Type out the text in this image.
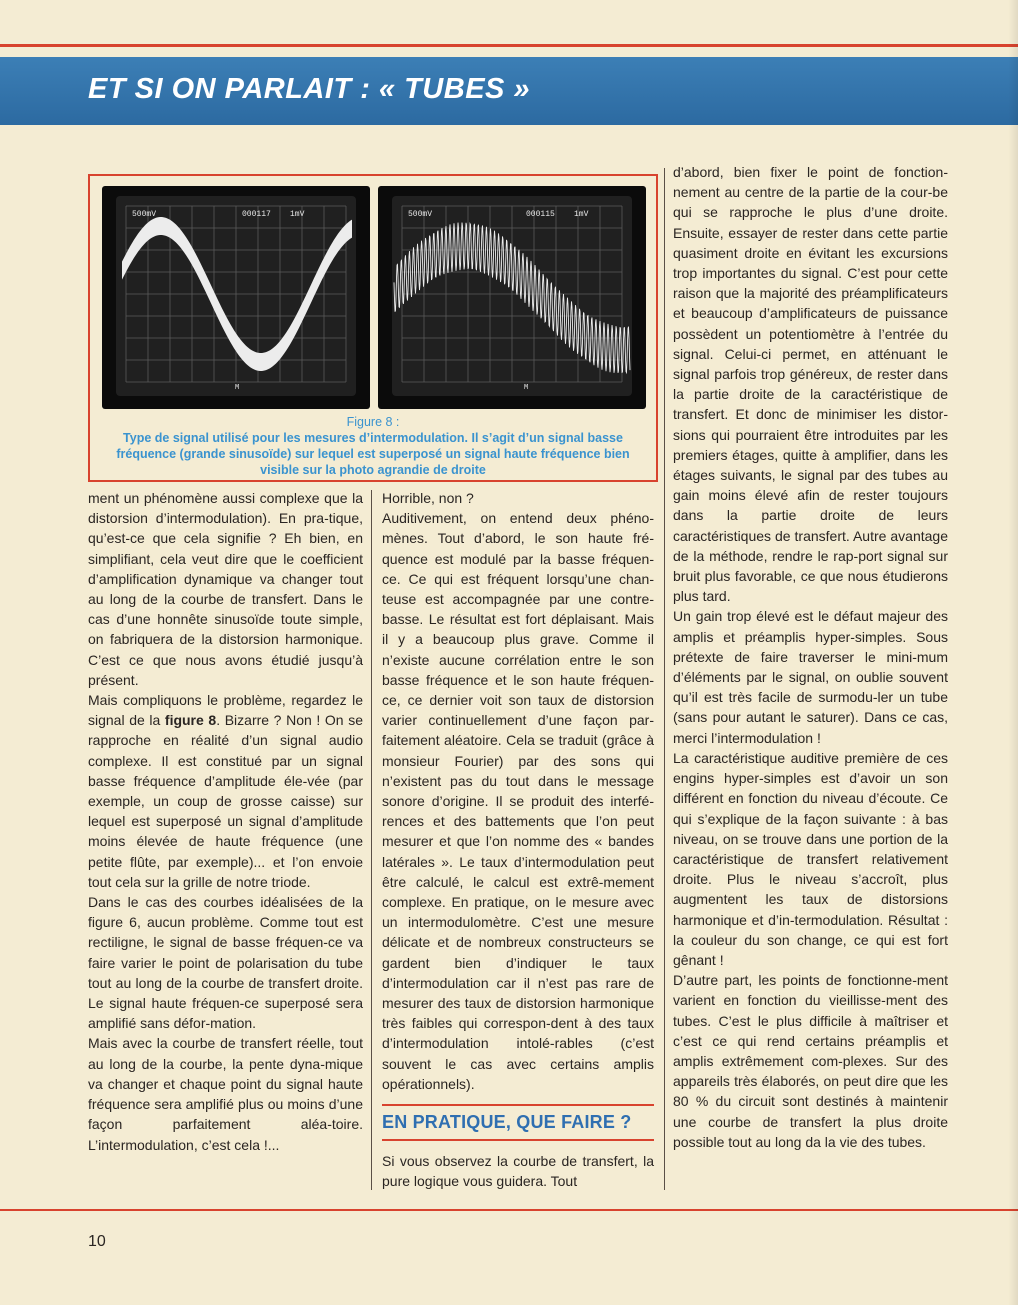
ET SI ON PARLAIT : « TUBES »
500mV	000117 1mV
M
500mV	000115 1mV
M

Figure 8 :
Type de signal utilisé pour les mesures d’intermodulation. Il s’agit d’un signal basse fréquence (grande sinusoïde) sur lequel est superposé un signal haute fréquence bien visible sur la photo agrandie de droite

ment un phénomène aussi complexe que la distorsion d’intermodulation). En pra-tique, qu’est-ce que cela signifie ? Eh bien, en simplifiant, cela veut dire que le coefficient d’amplification dynamique va changer tout au long de la courbe de transfert. Dans le cas d’une honnête sinusoïde toute simple, on fabriquera de la distorsion harmonique. C’est ce que nous avons étudié jusqu’à présent.

Mais compliquons le problème, regardez le signal de la figure 8. Bizarre ? Non ! On se rapproche en réalité d’un signal audio complexe. Il est constitué par un signal basse fréquence d’amplitude éle-vée (par exemple, un coup de grosse caisse) sur lequel est superposé un signal d’amplitude moins élevée de haute fréquence (une petite flûte, par exemple)... et l’on envoie tout cela sur la grille de notre triode.

Dans le cas des courbes idéalisées de la figure 6, aucun problème. Comme tout est rectiligne, le signal de basse fréquen-ce va faire varier le point de polarisation du tube tout au long de la courbe de transfert droite. Le signal haute fréquen-ce superposé sera amplifié sans défor-mation.

Mais avec la courbe de transfert réelle, tout au long de la courbe, la pente dyna-mique va changer et chaque point du signal haute fréquence sera amplifié plus ou moins d’une façon parfaitement aléa-toire. L’intermodulation, c’est cela !...

Horrible, non ?

Auditivement, on entend deux phéno-mènes. Tout d’abord, le son haute fré-quence est modulé par la basse fréquen-ce. Ce qui est fréquent lorsqu’une chan-teuse est accompagnée par une contre-basse. Le résultat est fort déplaisant. Mais il y a beaucoup plus grave. Comme il n’existe aucune corrélation entre le son basse fréquence et le son haute fréquen-ce, ce dernier voit son taux de distorsion varier continuellement d’une façon par-faitement aléatoire. Cela se traduit (grâce à monsieur Fourier) par des sons qui n’existent pas du tout dans le message sonore d’origine. Il se produit des interfé-rences et des battements que l’on peut mesurer et que l’on nomme des « bandes latérales ». Le taux d’intermodulation peut être calculé, le calcul est extrê-mement complexe. En pratique, on le mesure avec un intermodulomètre. C’est une mesure délicate et de nombreux constructeurs se gardent bien d’indiquer le taux d’intermodulation car il n’est pas rare de mesurer des taux de distorsion harmonique très faibles qui correspon-dent à des taux d’intermodulation intolé-rables (c’est souvent le cas avec certains amplis opérationnels).

EN PRATIQUE, QUE FAIRE ?

Si vous observez la courbe de transfert, la pure logique vous guidera. Tout

d’abord, bien fixer le point de fonction-nement au centre de la partie de la cour-be qui se rapproche le plus d’une droite. Ensuite, essayer de rester dans cette partie quasiment droite en évitant les excursions trop importantes du signal. C’est pour cette raison que la majorité des préamplificateurs et beaucoup d’amplificateurs de puissance possèdent un potentiomètre à l’entrée du signal. Celui-ci permet, en atténuant le signal parfois trop généreux, de rester dans la partie droite de la caractéristique de transfert. Et donc de minimiser les distor-sions qui pourraient être introduites par les premiers étages, quitte à amplifier, dans les étages suivants, le signal par des tubes au gain moins élevé afin de rester toujours dans la partie droite de leurs caractéristiques de transfert. Autre avantage de la méthode, rendre le rap-port signal sur bruit plus favorable, ce que nous étudierons plus tard.

Un gain trop élevé est le défaut majeur des amplis et préamplis hyper-simples. Sous prétexte de faire traverser le mini-mum d’éléments par le signal, on oublie souvent qu’il est très facile de surmodu-ler un tube (sans pour autant le saturer). Dans ce cas, merci l’intermodulation !

La caractéristique auditive première de ces engins hyper-simples est d’avoir un son différent en fonction du niveau d’écoute. Ce qui s’explique de la façon suivante : à bas niveau, on se trouve dans une portion de la caractéristique de transfert relativement droite. Plus le niveau s’accroît, plus augmentent les taux de distorsions harmonique et d’in-termodulation. Résultat : la couleur du son change, ce qui est fort gênant !

D’autre part, les points de fonctionne-ment varient en fonction du vieillisse-ment des tubes. C’est le plus difficile à maîtriser et c’est ce qui rend certains préamplis et amplis extrêmement com-plexes. Sur des appareils très élaborés, on peut dire que les 80 % du circuit sont destinés à maintenir une courbe de transfert la plus droite possible tout au long da la vie des tubes.

10
